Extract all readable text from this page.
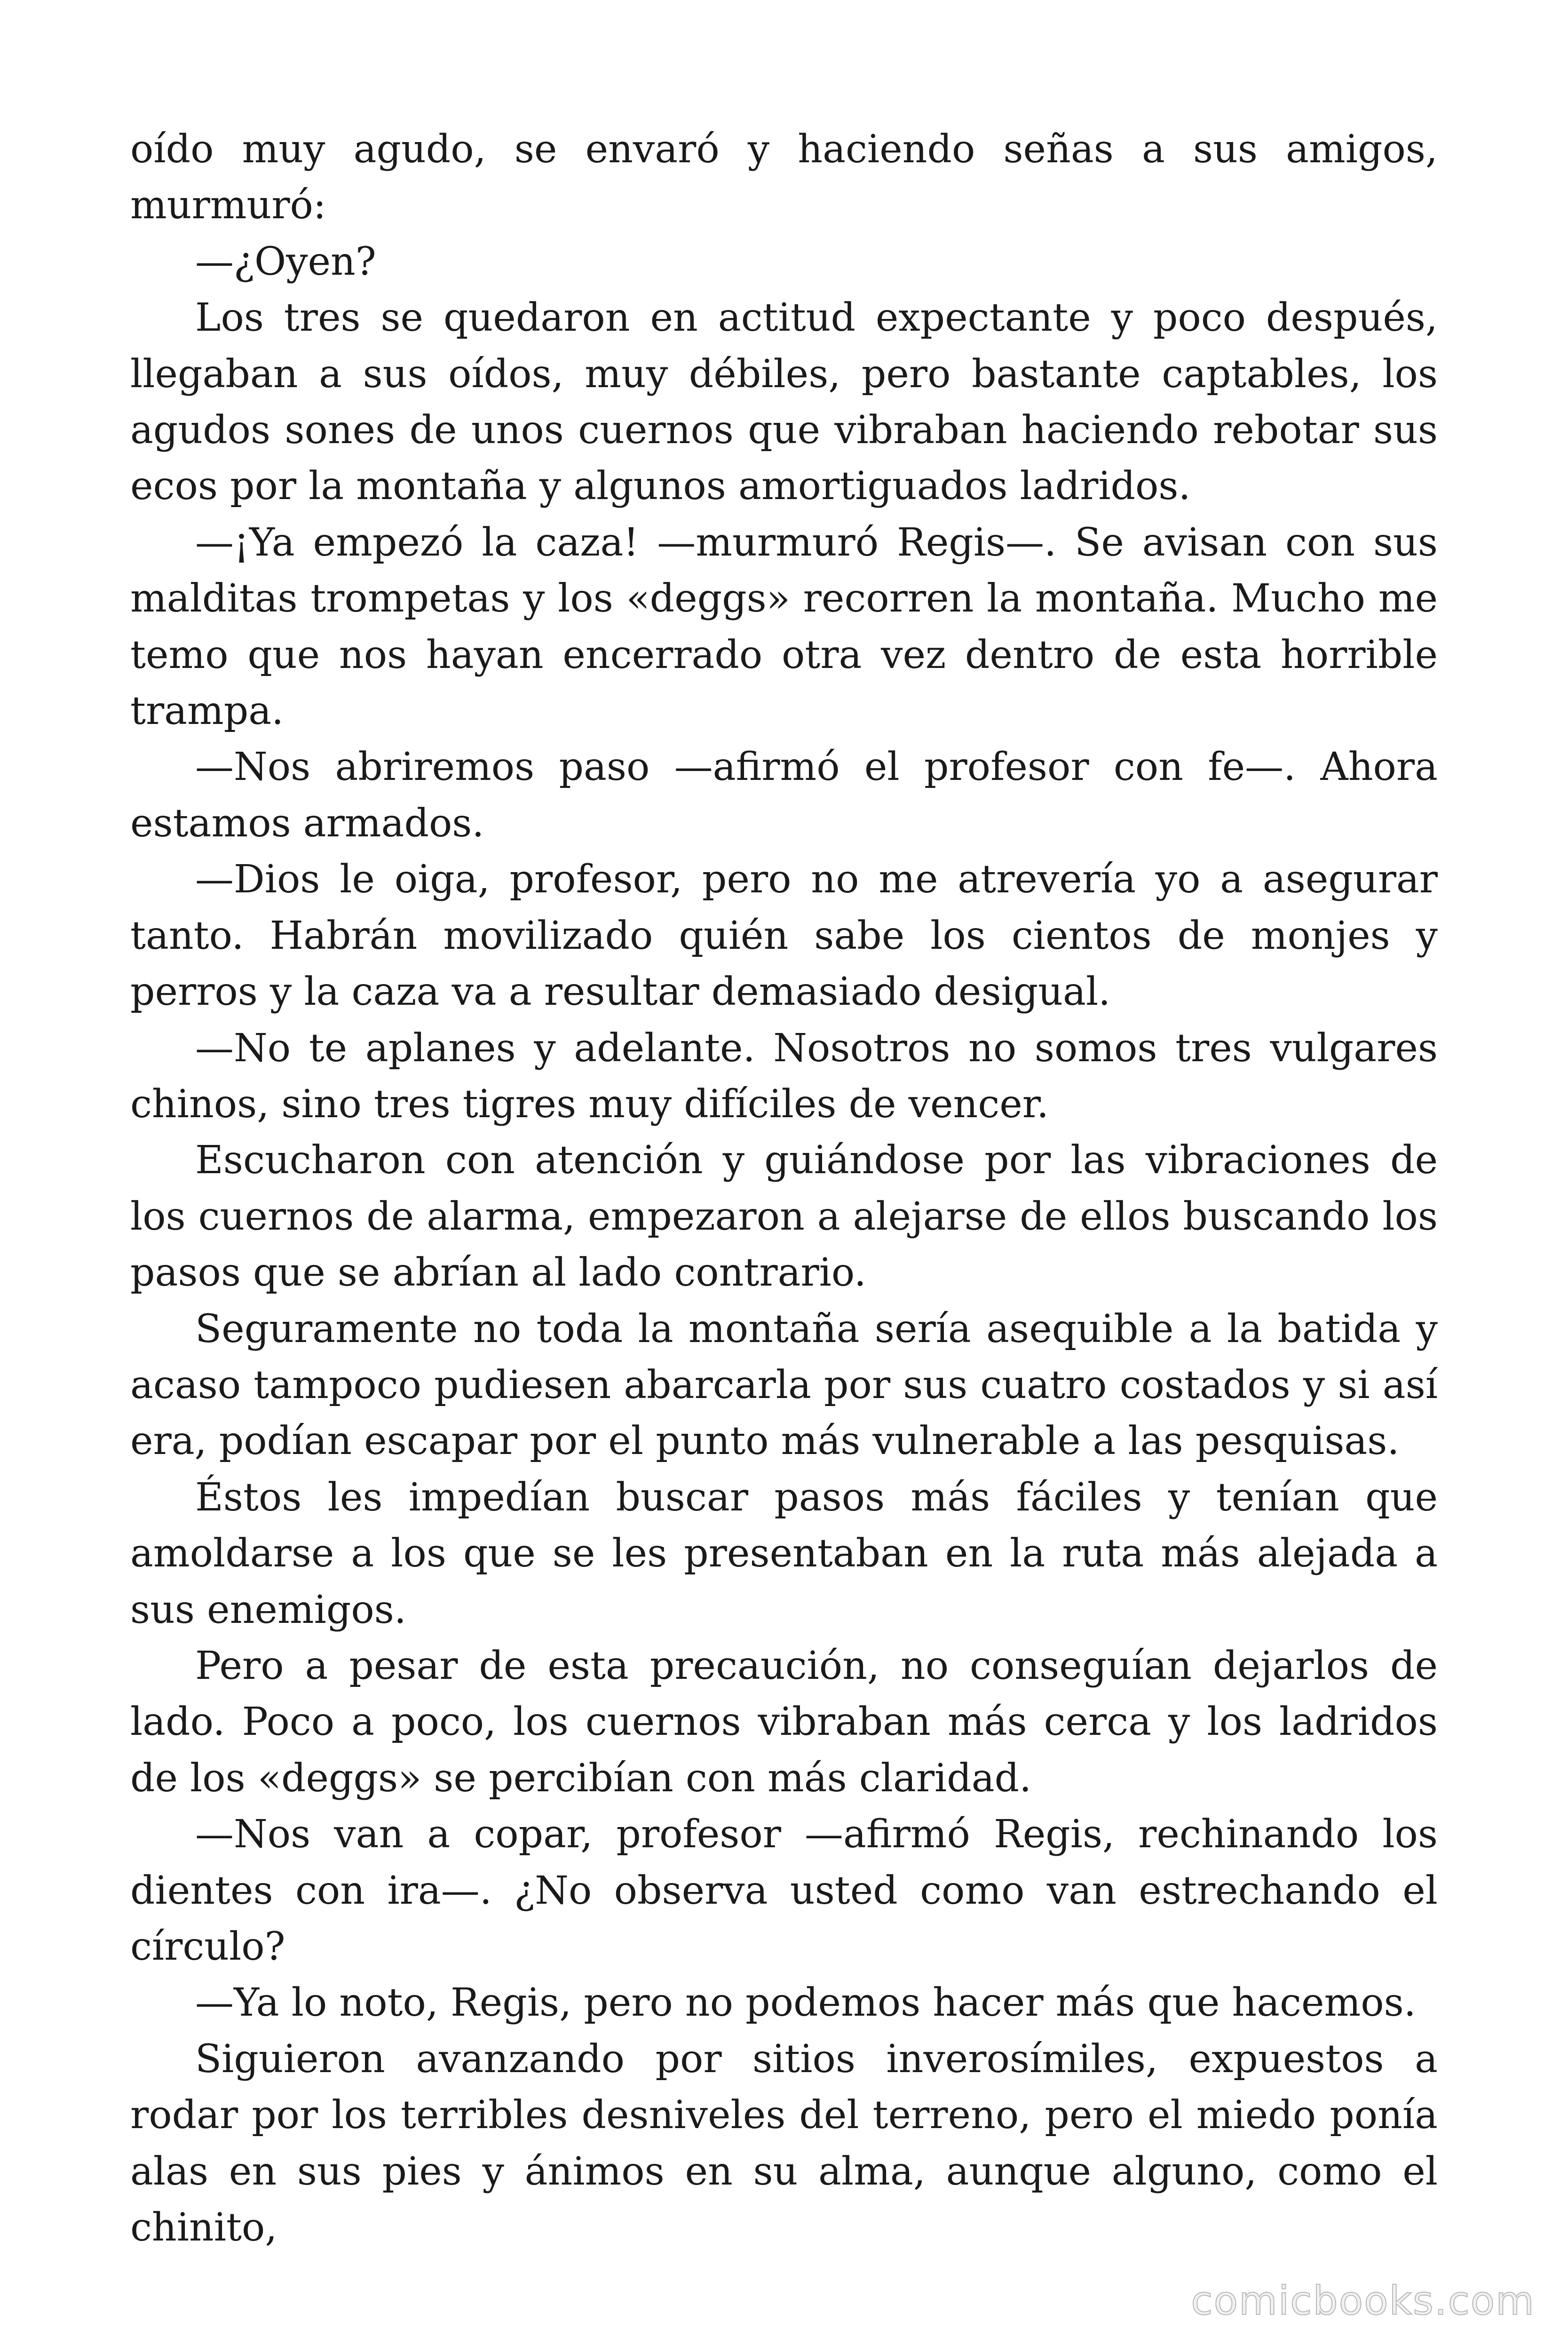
oído muy agudo, se envaró y haciendo señas a sus amigos, murmuró:

—¿Oyen?

Los tres se quedaron en actitud expectante y poco después, llegaban a sus oídos, muy débiles, pero bastante captables, los agudos sones de unos cuernos que vibraban haciendo rebotar sus ecos por la montaña y algunos amortiguados ladridos.

—¡Ya empezó la caza! —murmuró Regis—. Se avisan con sus malditas trompetas y los «deggs» recorren la montaña. Mucho me temo que nos hayan encerrado otra vez dentro de esta horrible trampa.

—Nos abriremos paso —afirmó el profesor con fe—. Ahora estamos armados.

—Dios le oiga, profesor, pero no me atrevería yo a asegurar tanto. Habrán movilizado quién sabe los cientos de monjes y perros y la caza va a resultar demasiado desigual.

—No te aplanes y adelante. Nosotros no somos tres vulgares chinos, sino tres tigres muy difíciles de vencer.

Escucharon con atención y guiándose por las vibraciones de los cuernos de alarma, empezaron a alejarse de ellos buscando los pasos que se abrían al lado contrario.

Seguramente no toda la montaña sería asequible a la batida y acaso tampoco pudiesen abarcarla por sus cuatro costados y si así era, podían escapar por el punto más vulnerable a las pesquisas.

Éstos les impedían buscar pasos más fáciles y tenían que amoldarse a los que se les presentaban en la ruta más alejada a sus enemigos.

Pero a pesar de esta precaución, no conseguían dejarlos de lado. Poco a poco, los cuernos vibraban más cerca y los ladridos de los «deggs» se percibían con más claridad.

—Nos van a copar, profesor —afirmó Regis, rechinando los dientes con ira—. ¿No observa usted como van estrechando el círculo?

—Ya lo noto, Regis, pero no podemos hacer más que hacemos.

Siguieron avanzando por sitios inverosímiles, expuestos a rodar por los terribles desniveles del terreno, pero el miedo ponía alas en sus pies y ánimos en su alma, aunque alguno, como el chinito,

comicbooks.com
